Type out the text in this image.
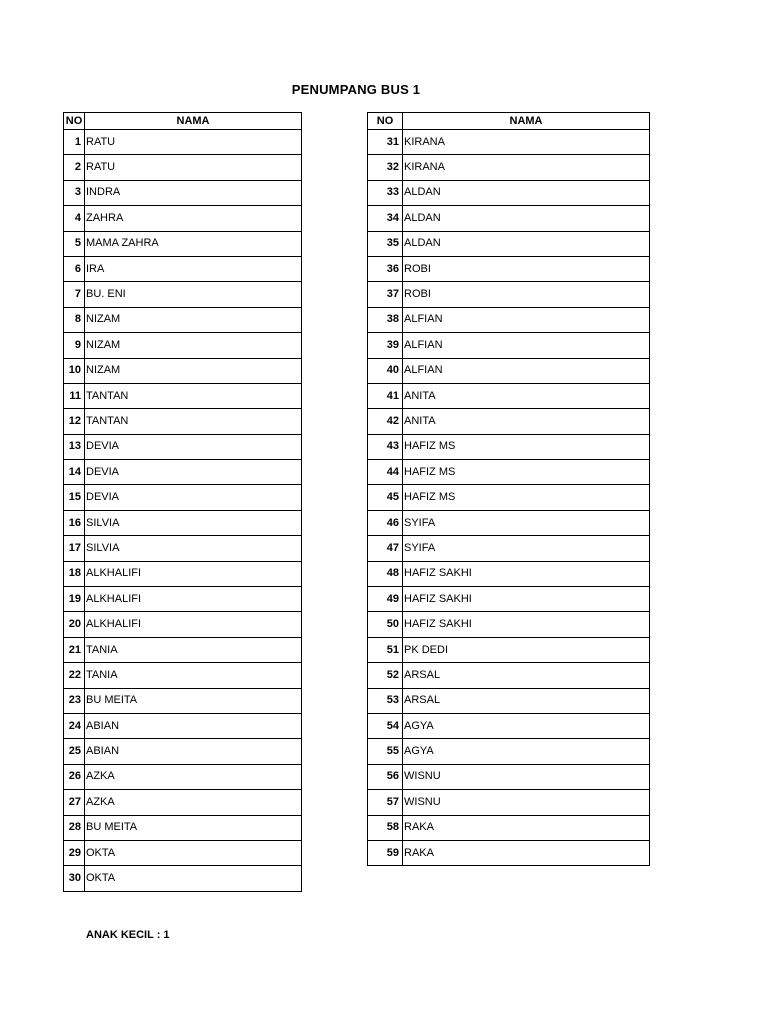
PENUMPANG BUS 1
NO	NAMA
1	RATU
2	RATU
3	INDRA
4	ZAHRA
5	MAMA ZAHRA
6	IRA
7	BU. ENI
8	NIZAM
9	NIZAM
10	NIZAM
11	TANTAN
12	TANTAN
13	DEVIA
14	DEVIA
15	DEVIA
16	SILVIA
17	SILVIA
18	ALKHALIFI
19	ALKHALIFI
20	ALKHALIFI
21	TANIA
22	TANIA
23	BU MEITA
24	ABIAN
25	ABIAN
26	AZKA
27	AZKA
28	BU MEITA
29	OKTA
30	OKTA
NO	NAMA
31	KIRANA
32	KIRANA
33	ALDAN
34	ALDAN
35	ALDAN
36	ROBI
37	ROBI
38	ALFIAN
39	ALFIAN
40	ALFIAN
41	ANITA
42	ANITA
43	HAFIZ MS
44	HAFIZ MS
45	HAFIZ MS
46	SYIFA
47	SYIFA
48	HAFIZ SAKHI
49	HAFIZ SAKHI
50	HAFIZ SAKHI
51	PK DEDI
52	ARSAL
53	ARSAL
54	AGYA
55	AGYA
56	WISNU
57	WISNU
58	RAKA
59	RAKA
ANAK KECIL : 1
